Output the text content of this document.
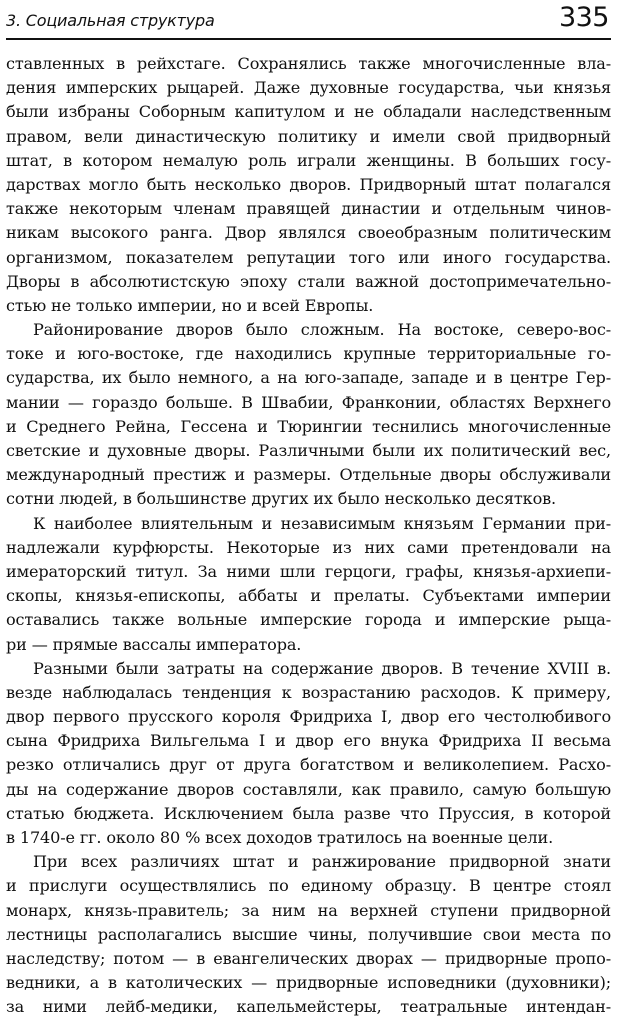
3. Социальная структура	335
ставленных в рейхстаге. Сохранялись также многочисленные вла-
дения имперских рыцарей. Даже духовные государства, чьи князья
были избраны Соборным капитулом и не обладали наследственным
правом, вели династическую политику и имели свой придворный
штат, в котором немалую роль играли женщины. В больших госу-
дарствах могло быть несколько дворов. Придворный штат полагался
также некоторым членам правящей династии и отдельным чинов-
никам высокого ранга. Двор являлся своеобразным политическим
организмом, показателем репутации того или иного государства.
Дворы в абсолютистскую эпоху стали важной достопримечательно-
стью не только империи, но и всей Европы.
Районирование дворов было сложным. На востоке, северо-вос-
токе и юго-востоке, где находились крупные территориальные го-
сударства, их было немного, а на юго-западе, западе и в центре Гер-
мании — гораздо больше. В Швабии, Франконии, областях Верхнего
и Среднего Рейна, Гессена и Тюрингии теснились многочисленные
светские и духовные дворы. Различными были их политический вес,
международный престиж и размеры. Отдельные дворы обслуживали
сотни людей, в большинстве других их было несколько десятков.
К наиболее влиятельным и независимым князьям Германии при-
надлежали курфюрсты. Некоторые из них сами претендовали на
имераторский титул. За ними шли герцоги, графы, князья-архиепи-
скопы, князья-епископы, аббаты и прелаты. Субъектами империи
оставались также вольные имперские города и имперские рыца-
ри — прямые вассалы императора.
Разными были затраты на содержание дворов. В течение XVIII в.
везде наблюдалась тенденция к возрастанию расходов. К примеру,
двор первого прусского короля Фридриха I, двор его честолюбивого
сына Фридриха Вильгельма I и двор его внука Фридриха II весьма
резко отличались друг от друга богатством и великолепием. Расхо-
ды на содержание дворов составляли, как правило, самую большую
статью бюджета. Исключением была разве что Пруссия, в которой
в 1740-е гг. около 80 % всех доходов тратилось на военные цели.
При всех различиях штат и ранжирование придворной знати
и прислуги осуществлялись по единому образцу. В центре стоял
монарх, князь-правитель; за ним на верхней ступени придворной
лестницы располагались высшие чины, получившие свои места по
наследству; потом — в евангелических дворах — придворные пропо-
ведники, а в католических — придворные исповедники (духовники);
за ними лейб-медики, капельмейстеры, театральные интендан-
